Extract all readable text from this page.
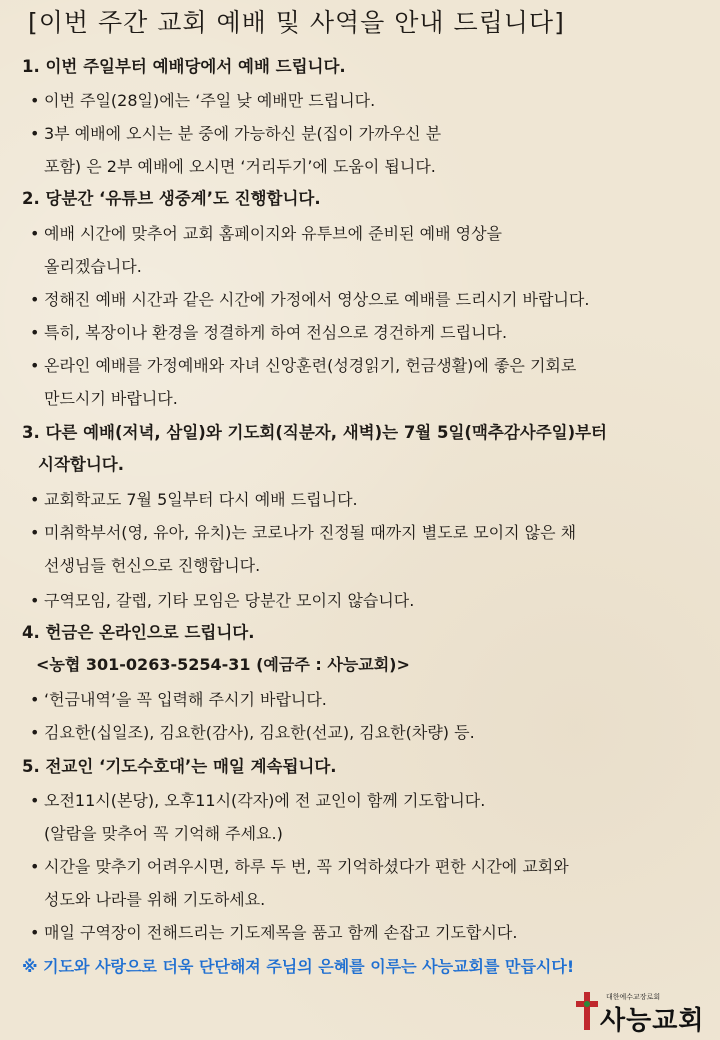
[이번 주간 교회 예배 및 사역을 안내 드립니다]
1. 이번 주일부터 예배당에서 예배 드립니다.
• 이번 주일(28일)에는 ‘주일 낮 예배만 드립니다.
• 3부 예배에 오시는 분 중에 가능하신 분(집이 가까우신 분
포함) 은 2부 예배에 오시면 ‘거리두기’에 도움이 됩니다.
2. 당분간 ‘유튜브 생중계’도 진행합니다.
• 예배 시간에 맞추어 교회 홈페이지와 유투브에 준비된 예배 영상을
올리겠습니다.
• 정해진 예배 시간과 같은 시간에 가정에서 영상으로 예배를 드리시기 바랍니다.
• 특히, 복장이나 환경을 정결하게 하여 전심으로 경건하게 드립니다.
• 온라인 예배를 가정예배와 자녀 신앙훈련(성경읽기, 헌금생활)에 좋은 기회로
만드시기 바랍니다.
3. 다른 예배(저녁, 삼일)와 기도회(직분자, 새벽)는 7월 5일(맥추감사주일)부터
시작합니다.
• 교회학교도 7월 5일부터 다시 예배 드립니다.
• 미취학부서(영, 유아, 유치)는 코로나가 진정될 때까지 별도로 모이지 않은 채
선생님들 헌신으로 진행합니다.
• 구역모임, 갈렙, 기타 모임은 당분간 모이지 않습니다.
4. 헌금은 온라인으로 드립니다.
<농협 301-0263-5254-31 (예금주 : 사능교회)>
• ‘헌금내역’을 꼭 입력해 주시기 바랍니다.
• 김요한(십일조), 김요한(감사), 김요한(선교), 김요한(차량) 등.
5. 전교인 ‘기도수호대’는 매일 계속됩니다.
• 오전11시(본당), 오후11시(각자)에 전 교인이 함께 기도합니다.
(알람을 맞추어 꼭 기억해 주세요.)
• 시간을 맞추기 어려우시면, 하루 두 번, 꼭 기억하셨다가 편한 시간에 교회와
성도와 나라를 위해 기도하세요.
• 매일 구역장이 전해드리는 기도제목을 품고 함께 손잡고 기도합시다.
※ 기도와 사랑으로 더욱 단단해져 주님의 은혜를 이루는 사능교회를 만듭시다!
대한예수교장로회
사능교회
